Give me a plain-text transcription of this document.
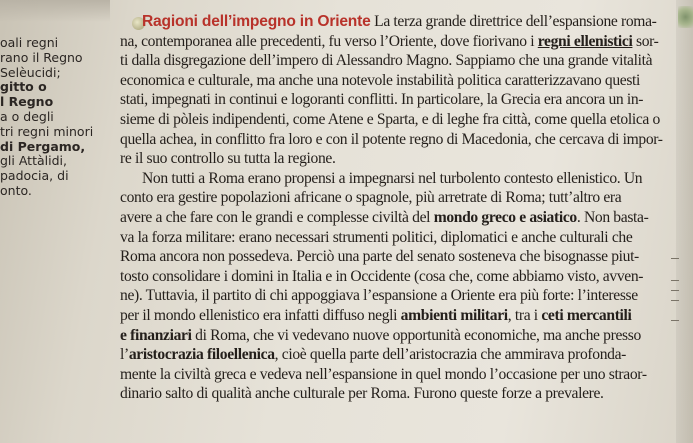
oali regni
rano il Regno
Selèucidi;
gitto o
l Regno
a o degli
tri regni minori
di Pergamo,
gli Attàlidi,
padocia, di
onto.
Ragioni dell’impegno in Oriente La terza grande direttrice dell’espansione roma-
na, contemporanea alle precedenti, fu verso l’Oriente, dove fiorivano i regni ellenistici sor-
ti dalla disgregazione dell’impero di Alessandro Magno. Sappiamo che una grande vitalità
economica e culturale, ma anche una notevole instabilità politica caratterizzavano questi
stati, impegnati in continui e logoranti conflitti. In particolare, la Grecia era ancora un in-
sieme di pòleis indipendenti, come Atene e Sparta, e di leghe fra città, come quella etolica o
quella achea, in conflitto fra loro e con il potente regno di Macedonia, che cercava di impor-
re il suo controllo su tutta la regione.
Non tutti a Roma erano propensi a impegnarsi nel turbolento contesto ellenistico. Un
conto era gestire popolazioni africane o spagnole, più arretrate di Roma; tutt’altro era
avere a che fare con le grandi e complesse civiltà del mondo greco e asiatico. Non basta-
va la forza militare: erano necessari strumenti politici, diplomatici e anche culturali che
Roma ancora non possedeva. Perciò una parte del senato sosteneva che bisognasse piut-
tosto consolidare i domini in Italia e in Occidente (cosa che, come abbiamo visto, avven-
ne). Tuttavia, il partito di chi appoggiava l’espansione a Oriente era più forte: l’interesse
per il mondo ellenistico era infatti diffuso negli ambienti militari, tra i ceti mercantili
e finanziari di Roma, che vi vedevano nuove opportunità economiche, ma anche presso
l’aristocrazia filoellenica, cioè quella parte dell’aristocrazia che ammirava profonda-
mente la civiltà greca e vedeva nell’espansione in quel mondo l’occasione per uno straor-
dinario salto di qualità anche culturale per Roma. Furono queste forze a prevalere.
